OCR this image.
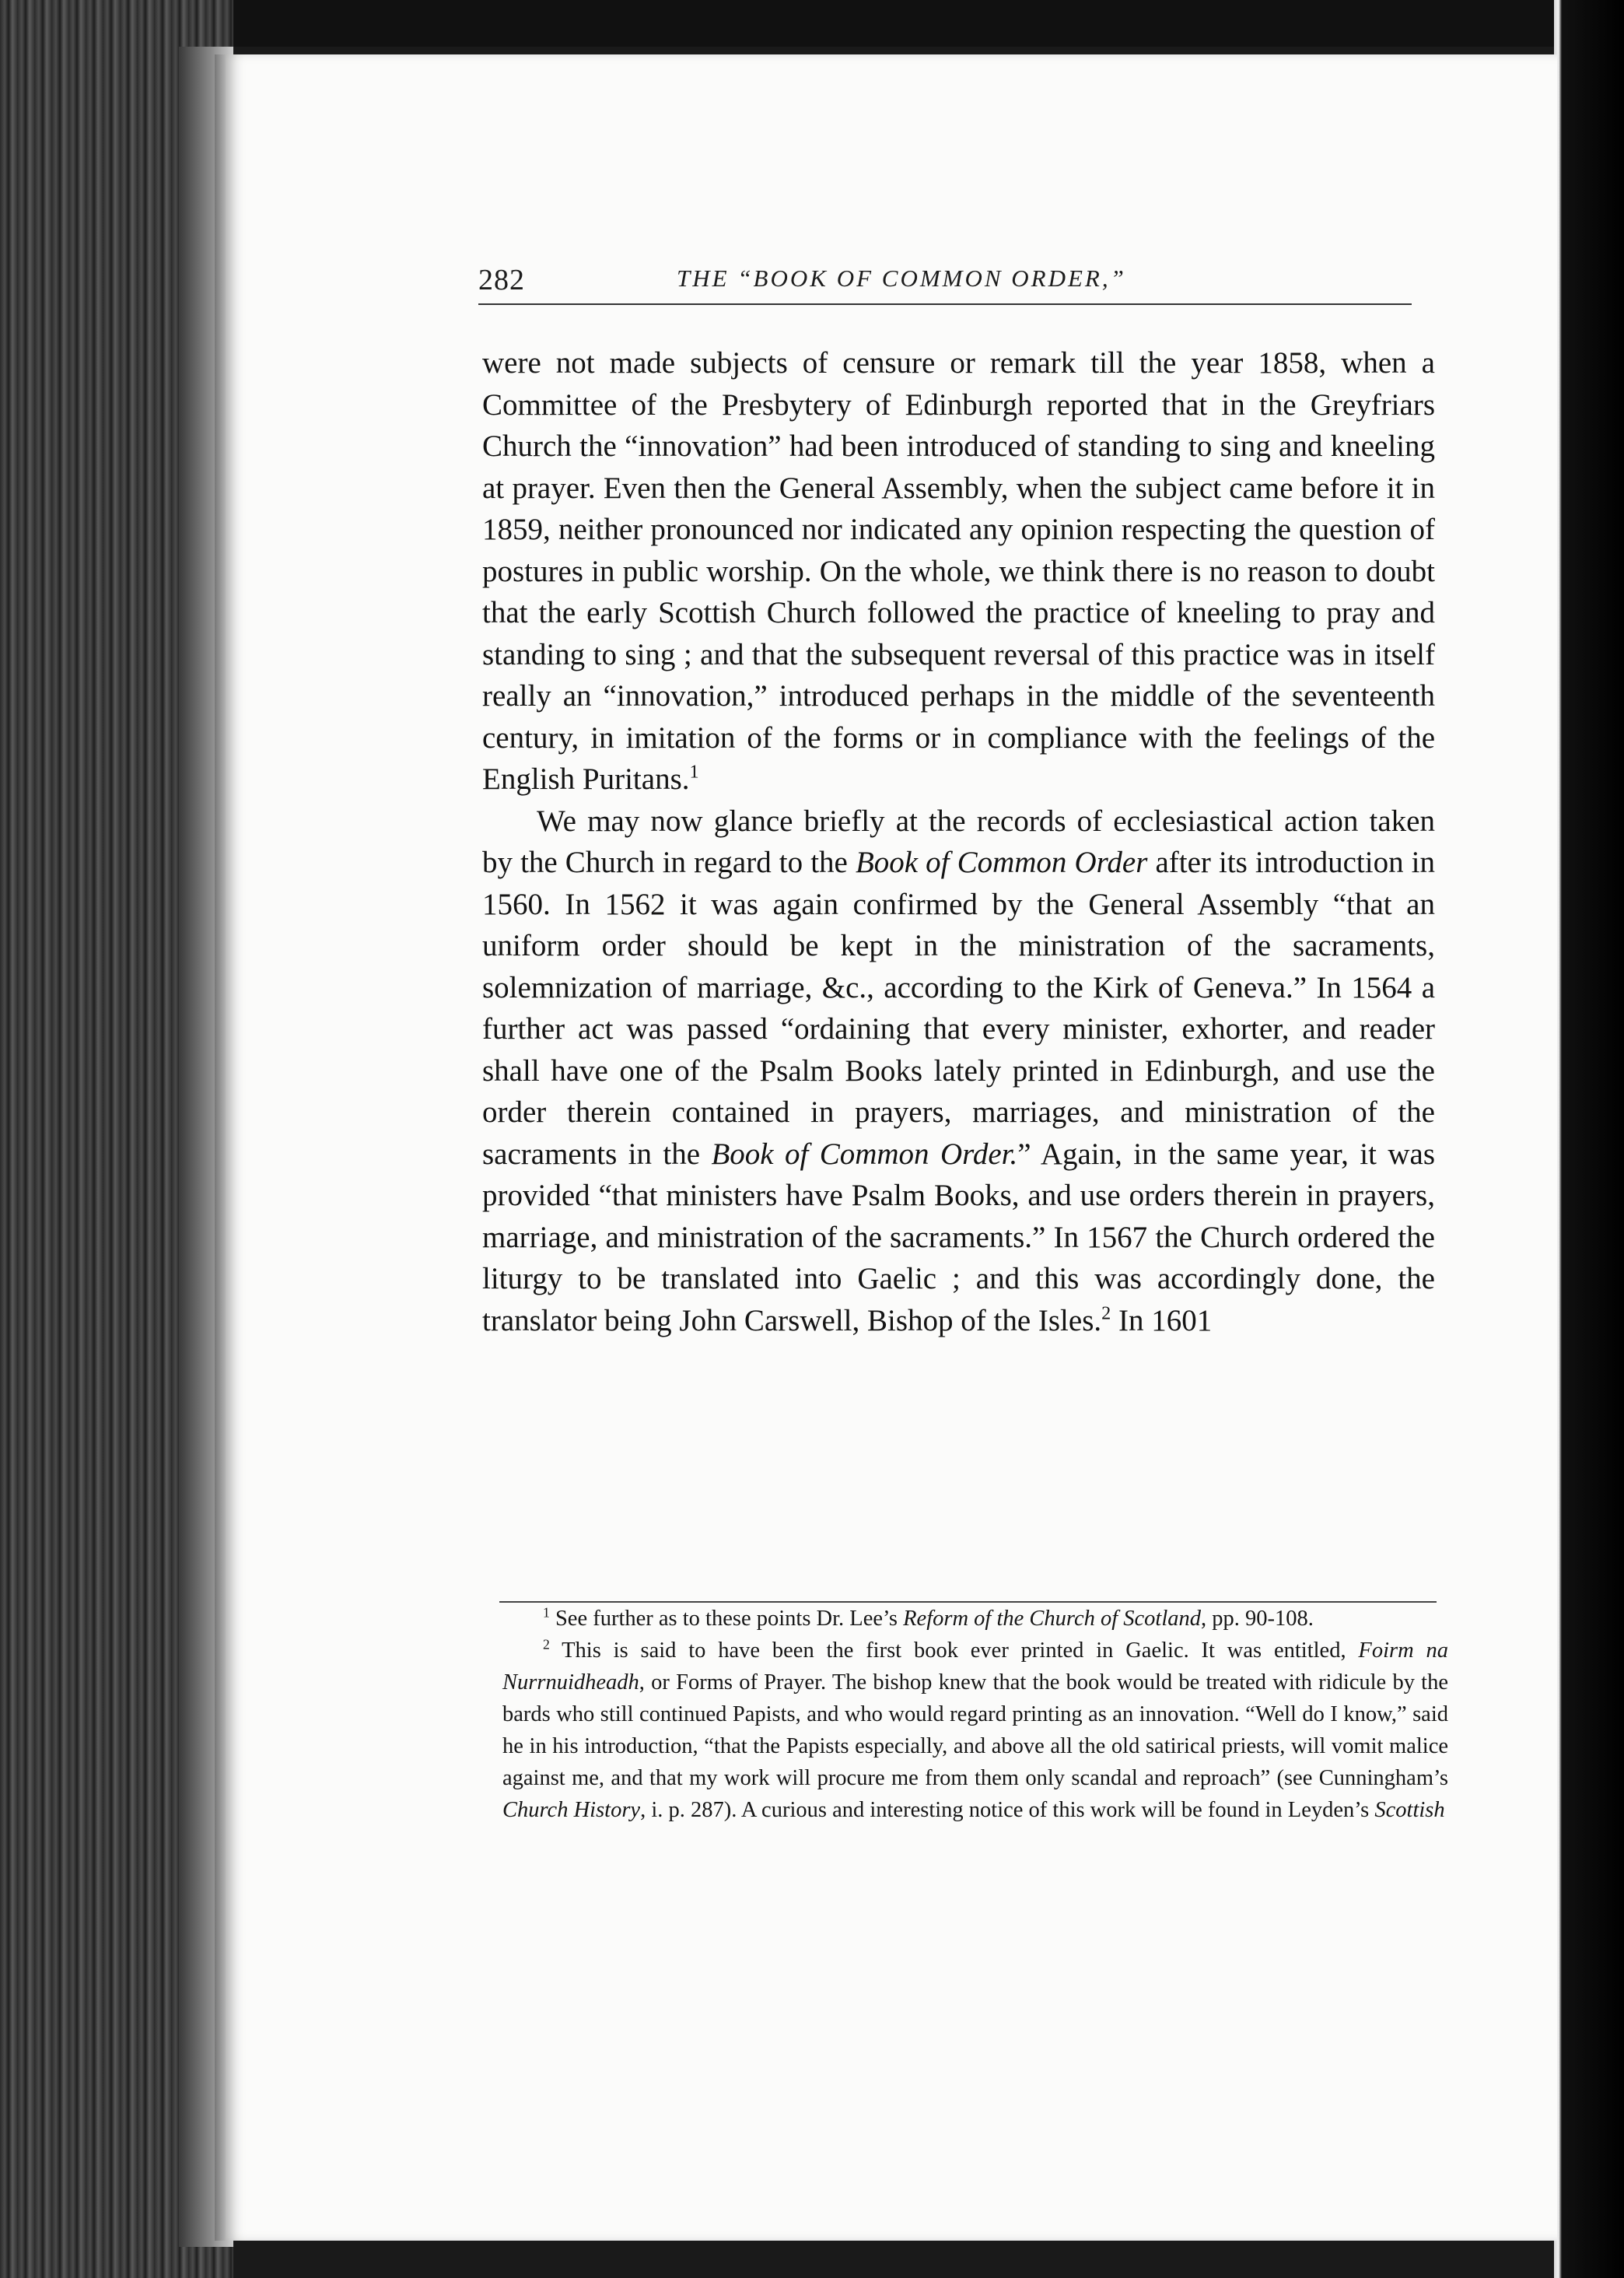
282	THE “BOOK OF COMMON ORDER,”

were not made subjects of censure or remark till the year 1858, when a Committee of the Presbytery of Edinburgh reported that in the Greyfriars Church the “innovation” had been introduced of standing to sing and kneeling at prayer. Even then the General Assembly, when the subject came before it in 1859, neither pronounced nor indicated any opinion respecting the question of postures in public worship. On the whole, we think there is no reason to doubt that the early Scottish Church followed the practice of kneeling to pray and standing to sing ; and that the subsequent reversal of this practice was in itself really an “innovation,” introduced perhaps in the middle of the seventeenth century, in imitation of the forms or in compliance with the feelings of the English Puritans.$^1$

We may now glance briefly at the records of ecclesiastical action taken by the Church in regard to the Book of Common Order after its introduction in 1560. In 1562 it was again confirmed by the General Assembly “that an uniform order should be kept in the ministration of the sacraments, solemnization of marriage, &c., according to the Kirk of Geneva.” In 1564 a further act was passed “ordaining that every minister, exhorter, and reader shall have one of the Psalm Books lately printed in Edinburgh, and use the order therein contained in prayers, marriages, and ministration of the sacraments in the Book of Common Order.” Again, in the same year, it was provided “that ministers have Psalm Books, and use orders therein in prayers, marriage, and ministration of the sacraments.” In 1567 the Church ordered the liturgy to be translated into Gaelic ; and this was accordingly done, the translator being John Carswell, Bishop of the Isles.$^2$ In 1601

$^1$ See further as to these points Dr. Lee’s Reform of the Church of Scotland, pp. 90-108.

$^2$ This is said to have been the first book ever printed in Gaelic. It was entitled, Foirm na Nurrnuidheadh, or Forms of Prayer. The bishop knew that the book would be treated with ridicule by the bards who still continued Papists, and who would regard printing as an innovation. “Well do I know,” said he in his introduction, “that the Papists especially, and above all the old satirical priests, will vomit malice against me, and that my work will procure me from them only scandal and reproach” (see Cunningham’s Church History, i. p. 287). A curious and interesting notice of this work will be found in Leyden’s Scottish
